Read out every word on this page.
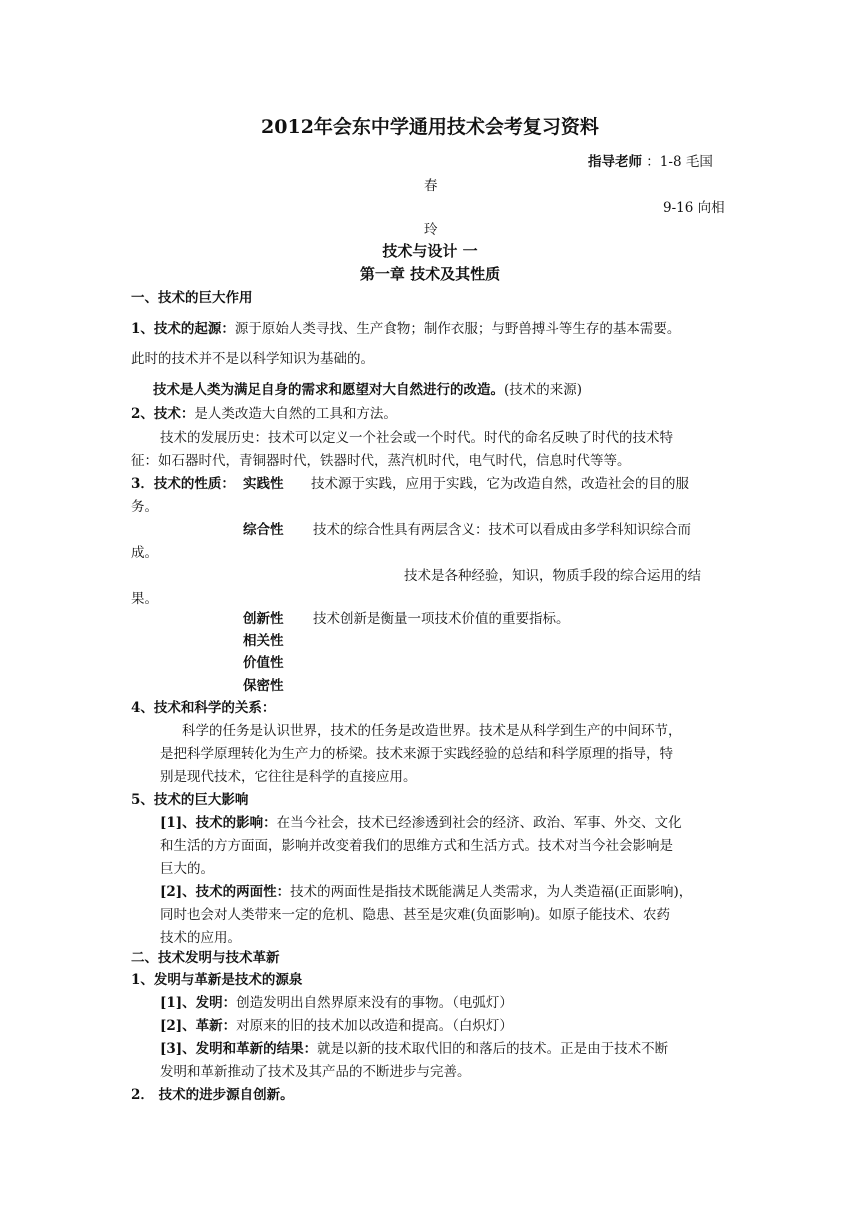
2012年会东中学通用技术会考复习资料
指导老师 ：1-8 毛国
春
9-16 向相
玲
技术与设计 一
第一章 技术及其性质
一、技术的巨大作用
1、技术的起源：源于原始人类寻找、生产食物；制作衣服；与野兽搏斗等生存的基本需要。
此时的技术并不是以科学知识为基础的。
技术是人类为满足自身的需求和愿望对大自然进行的改造。(技术的来源)
2、技术：是人类改造大自然的工具和方法。
技术的发展历史：技术可以定义一个社会或一个时代。时代的命名反映了时代的技术特
征：如石器时代，青铜器时代，铁器时代，蒸汽机时代，电气时代，信息时代等等。
3．技术的性质： 实践性 技术源于实践，应用于实践，它为改造自然，改造社会的目的服
务。
综合性 技术的综合性具有两层含义：技术可以看成由多学科知识综合而
成。
技术是各种经验，知识，物质手段的综合运用的结
果。
创新性 技术创新是衡量一项技术价值的重要指标。
相关性
价值性
保密性
4、技术和科学的关系：
科学的任务是认识世界，技术的任务是改造世界。技术是从科学到生产的中间环节，
是把科学原理转化为生产力的桥梁。技术来源于实践经验的总结和科学原理的指导，特
别是现代技术，它往往是科学的直接应用。
5、技术的巨大影响
[1]、技术的影响：在当今社会，技术已经渗透到社会的经济、政治、军事、外交、文化
和生活的方方面面，影响并改变着我们的思维方式和生活方式。技术对当今社会影响是
巨大的。
[2]、技术的两面性：技术的两面性是指技术既能满足人类需求，为人类造福(正面影响)，
同时也会对人类带来一定的危机、隐患、甚至是灾难(负面影响)。如原子能技术、农药
技术的应用。
二、技术发明与技术革新
1、发明与革新是技术的源泉
[1]、发明：创造发明出自然界原来没有的事物。（电弧灯）
[2]、革新：对原来的旧的技术加以改造和提高。（白炽灯）
[3]、发明和革新的结果：就是以新的技术取代旧的和落后的技术。正是由于技术不断
发明和革新推动了技术及其产品的不断进步与完善。
2． 技术的进步源自创新。
